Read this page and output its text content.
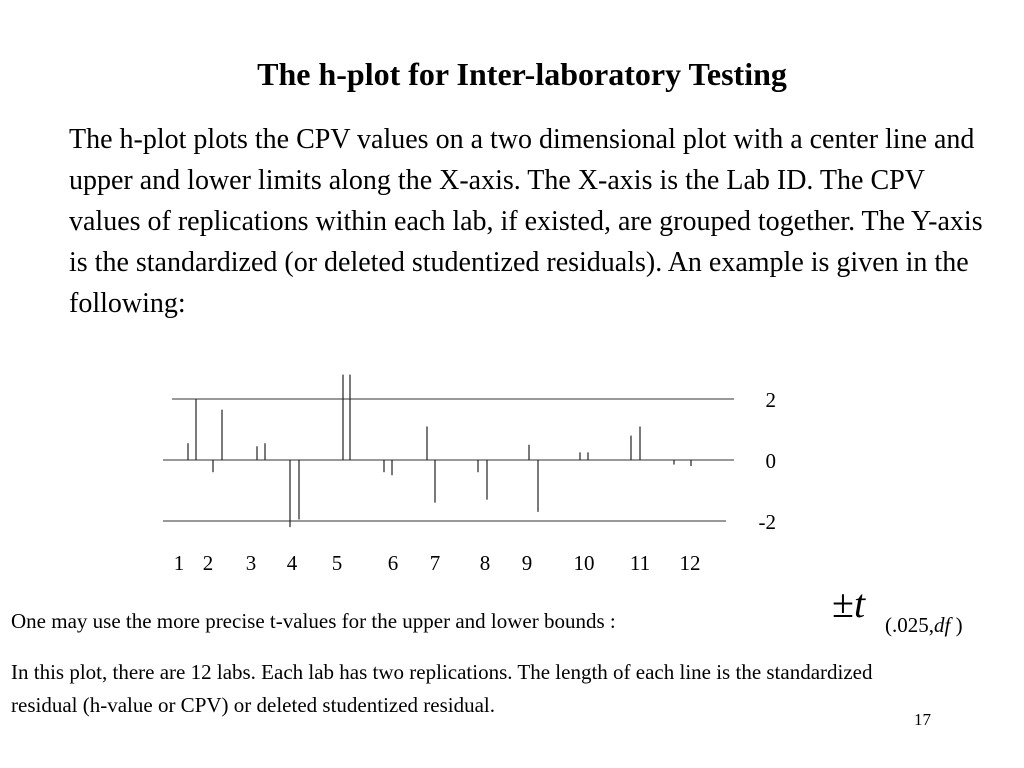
The h-plot for Inter-laboratory Testing

The h-plot plots the CPV values on a two dimensional plot with a center line and upper and lower limits along the X-axis. The X-axis is the Lab ID. The CPV values of replications within each lab, if existed, are grouped together. The Y-axis is the standardized (or deleted studentized residuals). An example is given in the following:

2
0
-2
1 2 3 4 5 6 7 8 9 10 11 12
One may use the more precise t-values for the upper and lower bounds :	±t (.025,df )

In this plot, there are 12 labs. Each lab has two replications. The length of each line is the standardized residual (h-value or CPV) or deleted studentized residual.

17
